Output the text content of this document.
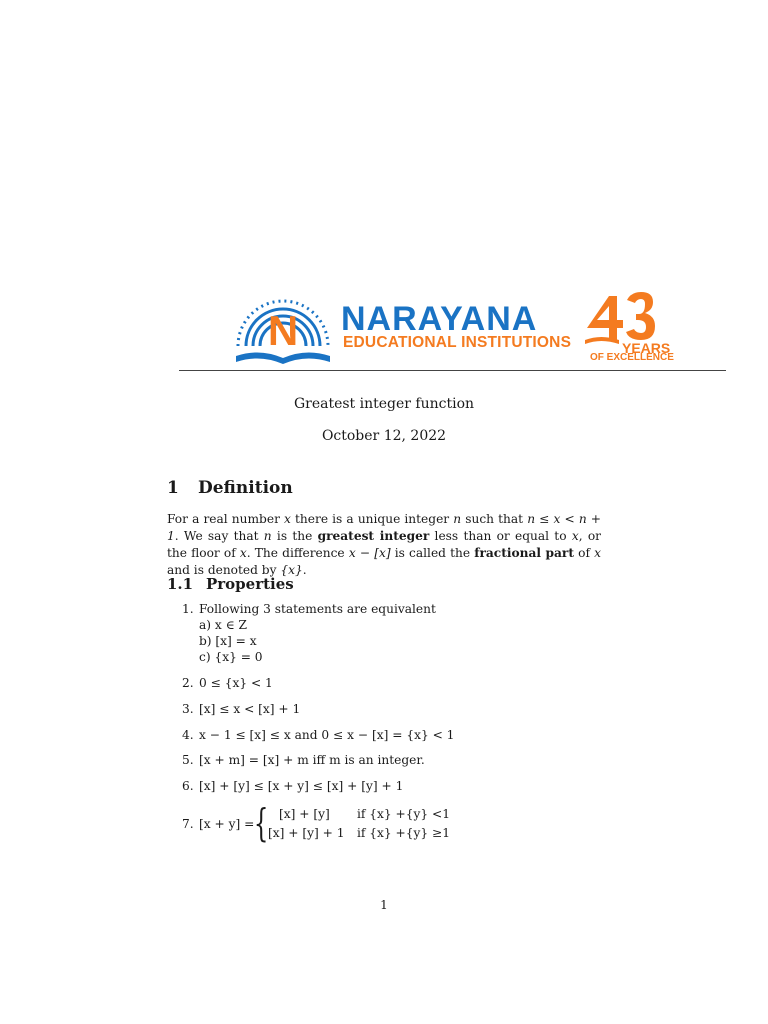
N NARAYANA
EDUCATIONAL INSTITUTIONS	YEARS
OF EXCELLENCE
Greatest integer function
October 12, 2022
1 Definition
For a real number x there is a unique integer n such that n ≤ x < n + 1. We say that n is the greatest integer less than or equal to x, or the floor of x. The difference x − [x] is called the fractional part of x and is denoted by {x}.
1.1 Properties
1. Following 3 statements are equivalent
a) x ∈ Z
b) [x] = x
c) {x} = 0
2. 0 ≤ {x} < 1
3. [x] ≤ x < [x] + 1
4. x − 1 ≤ [x] ≤ x and 0 ≤ x − [x] = {x} < 1
5. [x + m] = [x] + m iff m is an integer.
6. [x] + [y] ≤ [x + y] ≤ [x] + [y] + 1
7. [x + y] = { [x] + [y] if {x} +{y} <1
[x] + [y] + 1 if {x} +{y} ≥1
1
